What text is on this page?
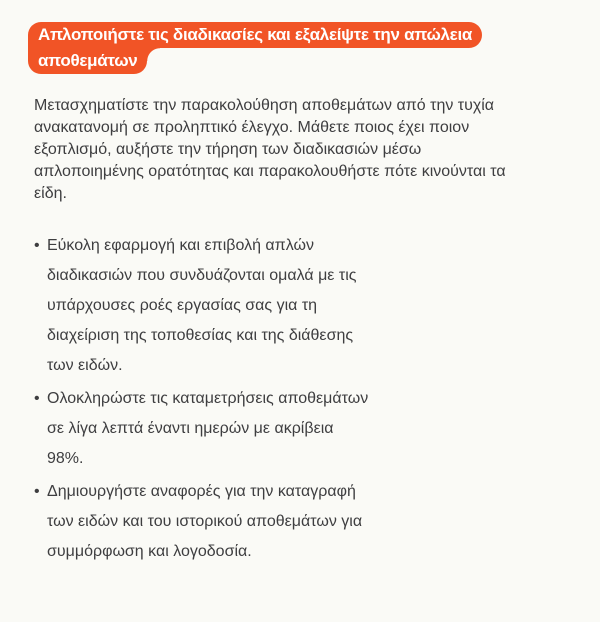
Απλοποιήστε τις διαδικασίες και εξαλείψτε την απώλεια
αποθεμάτων

Μετασχηματίστε την παρακολούθηση αποθεμάτων από την τυχία ανακατανομή σε προληπτικό έλεγχο. Μάθετε ποιος έχει ποιον εξοπλισμό, αυξήστε την τήρηση των διαδικασιών μέσω απλοποιημένης ορατότητας και παρακολουθήστε πότε κινούνται τα είδη.

• Εύκολη εφαρμογή και επιβολή απλών διαδικασιών που συνδυάζονται ομαλά με τις υπάρχουσες ροές εργασίας σας για τη διαχείριση της τοποθεσίας και της διάθεσης των ειδών.
• Ολοκληρώστε τις καταμετρήσεις αποθεμάτων σε λίγα λεπτά έναντι ημερών με ακρίβεια 98%.
• Δημιουργήστε αναφορές για την καταγραφή των ειδών και του ιστορικού αποθεμάτων για συμμόρφωση και λογοδοσία.
